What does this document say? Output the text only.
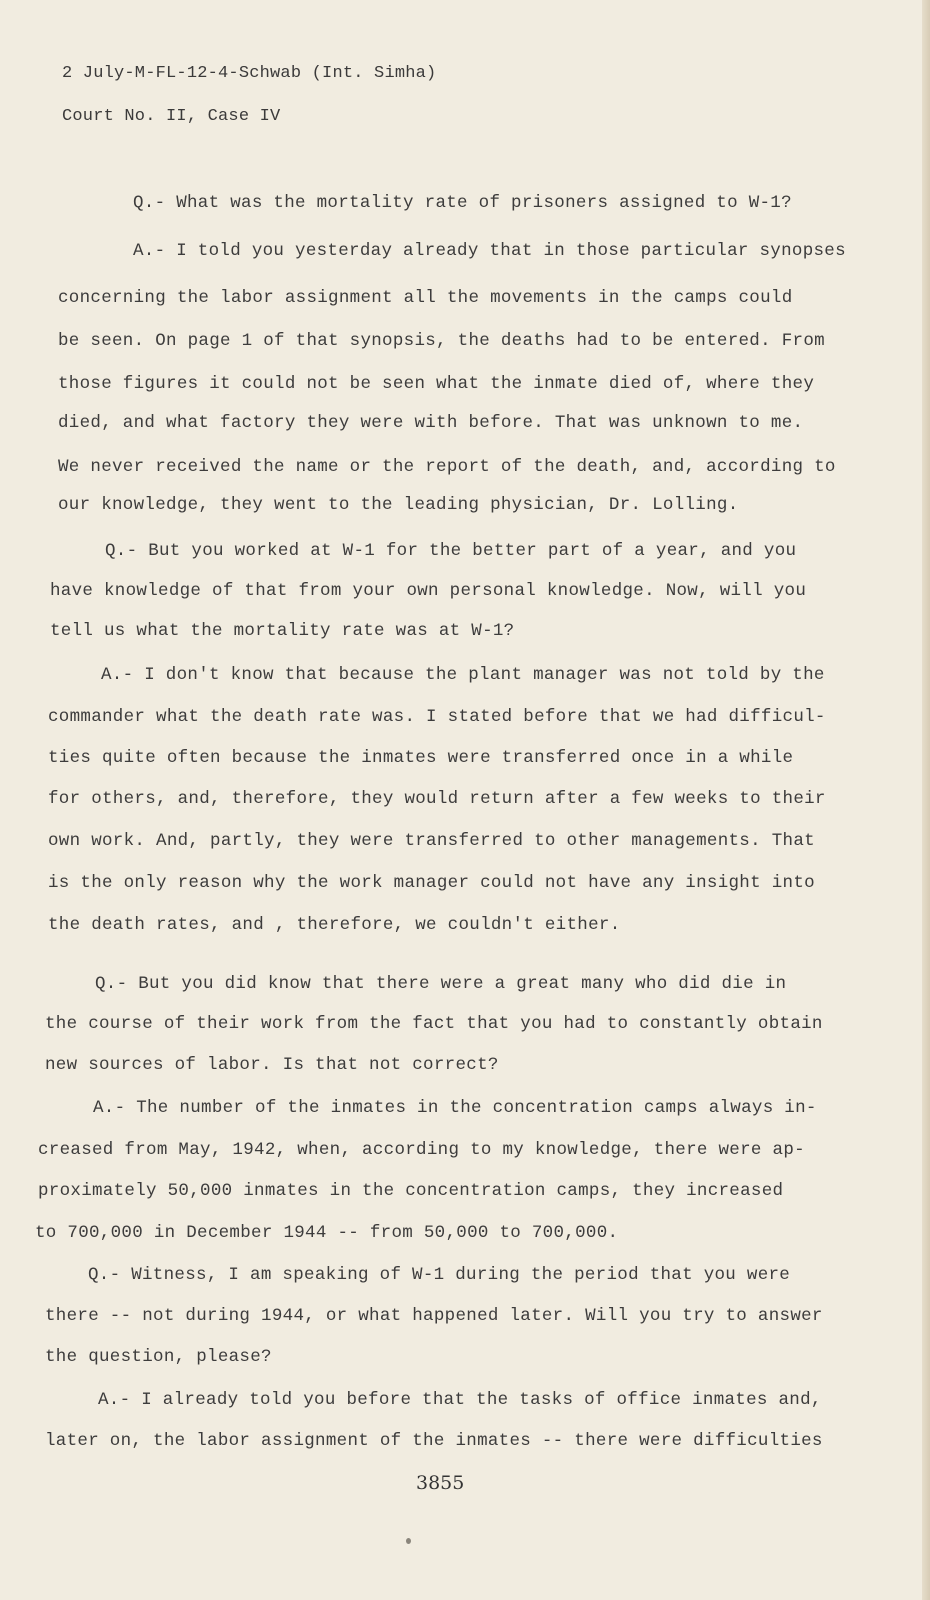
2 July-M-FL-12-4-Schwab (Int. Simha)
Court No. II, Case IV
Q.- What was the mortality rate of prisoners assigned to W-1?
A.- I told you yesterday already that in those particular synopses
concerning the labor assignment all the movements in the camps could
be seen. On page 1 of that synopsis, the deaths had to be entered. From
those figures it could not be seen what the inmate died of, where they
died, and what factory they were with before. That was unknown to me.
We never received the name or the report of the death, and, according to
our knowledge, they went to the leading physician, Dr. Lolling.
Q.- But you worked at W-1 for the better part of a year, and you
have knowledge of that from your own personal knowledge. Now, will you
tell us what the mortality rate was at W-1?
A.- I don't know that because the plant manager was not told by the
commander what the death rate was. I stated before that we had difficul-
ties quite often because the inmates were transferred once in a while
for others, and, therefore, they would return after a few weeks to their
own work. And, partly, they were transferred to other managements. That
is the only reason why the work manager could not have any insight into
the death rates, and , therefore, we couldn't either.
Q.- But you did know that there were a great many who did die in
the course of their work from the fact that you had to constantly obtain
new sources of labor. Is that not correct?
A.- The number of the inmates in the concentration camps always in-
creased from May, 1942, when, according to my knowledge, there were ap-
proximately 50,000 inmates in the concentration camps, they increased
to 700,000 in December 1944 -- from 50,000 to 700,000.
Q.- Witness, I am speaking of W-1 during the period that you were
there -- not during 1944, or what happened later. Will you try to answer
the question, please?
A.- I already told you before that the tasks of office inmates and,
later on, the labor assignment of the inmates -- there were difficulties
3855
